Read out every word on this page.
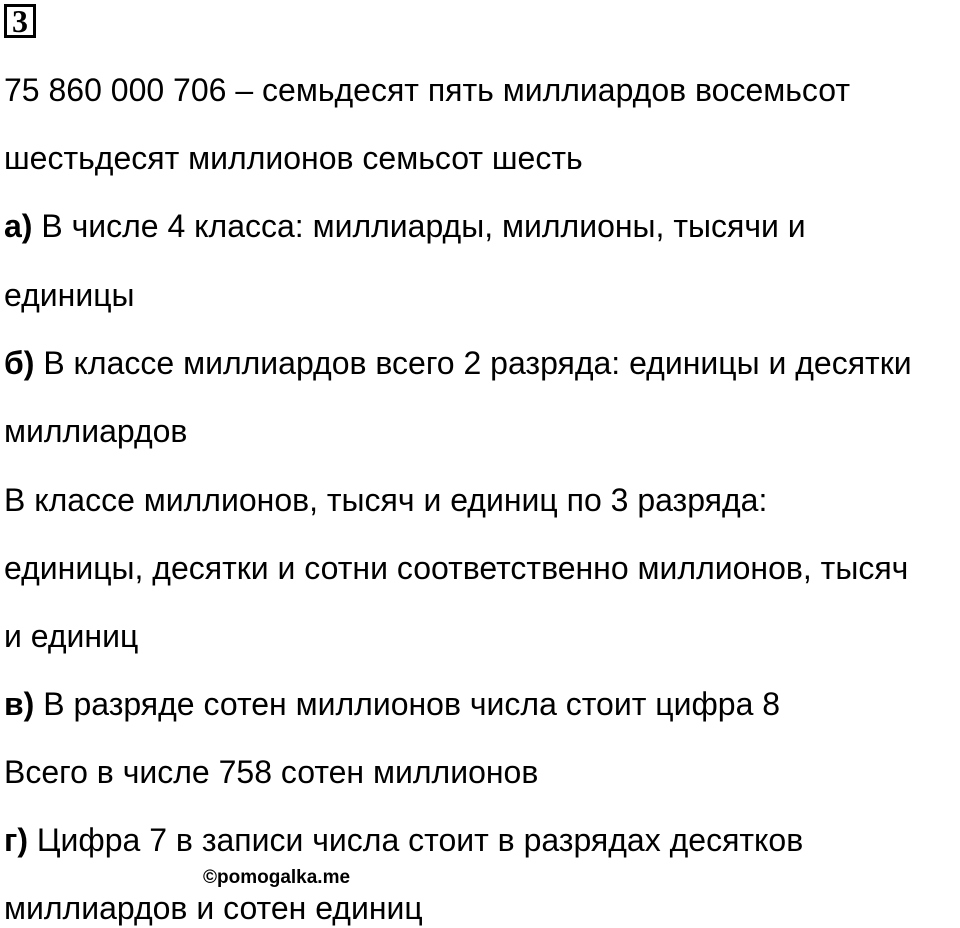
3
75 860 000 706 – семьдесят пять миллиардов восемьсот
шестьдесят миллионов семьсот шесть
а) В числе 4 класса: миллиарды, миллионы, тысячи и
единицы
б) В классе миллиардов всего 2 разряда: единицы и десятки
миллиардов
В классе миллионов, тысяч и единиц по 3 разряда:
единицы, десятки и сотни соответственно миллионов, тысяч
и единиц
в) В разряде сотен миллионов числа стоит цифра 8
Всего в числе 758 сотен миллионов
г) Цифра 7 в записи числа стоит в разрядах десятков
миллиардов и сотен единиц
©pomogalka.me
